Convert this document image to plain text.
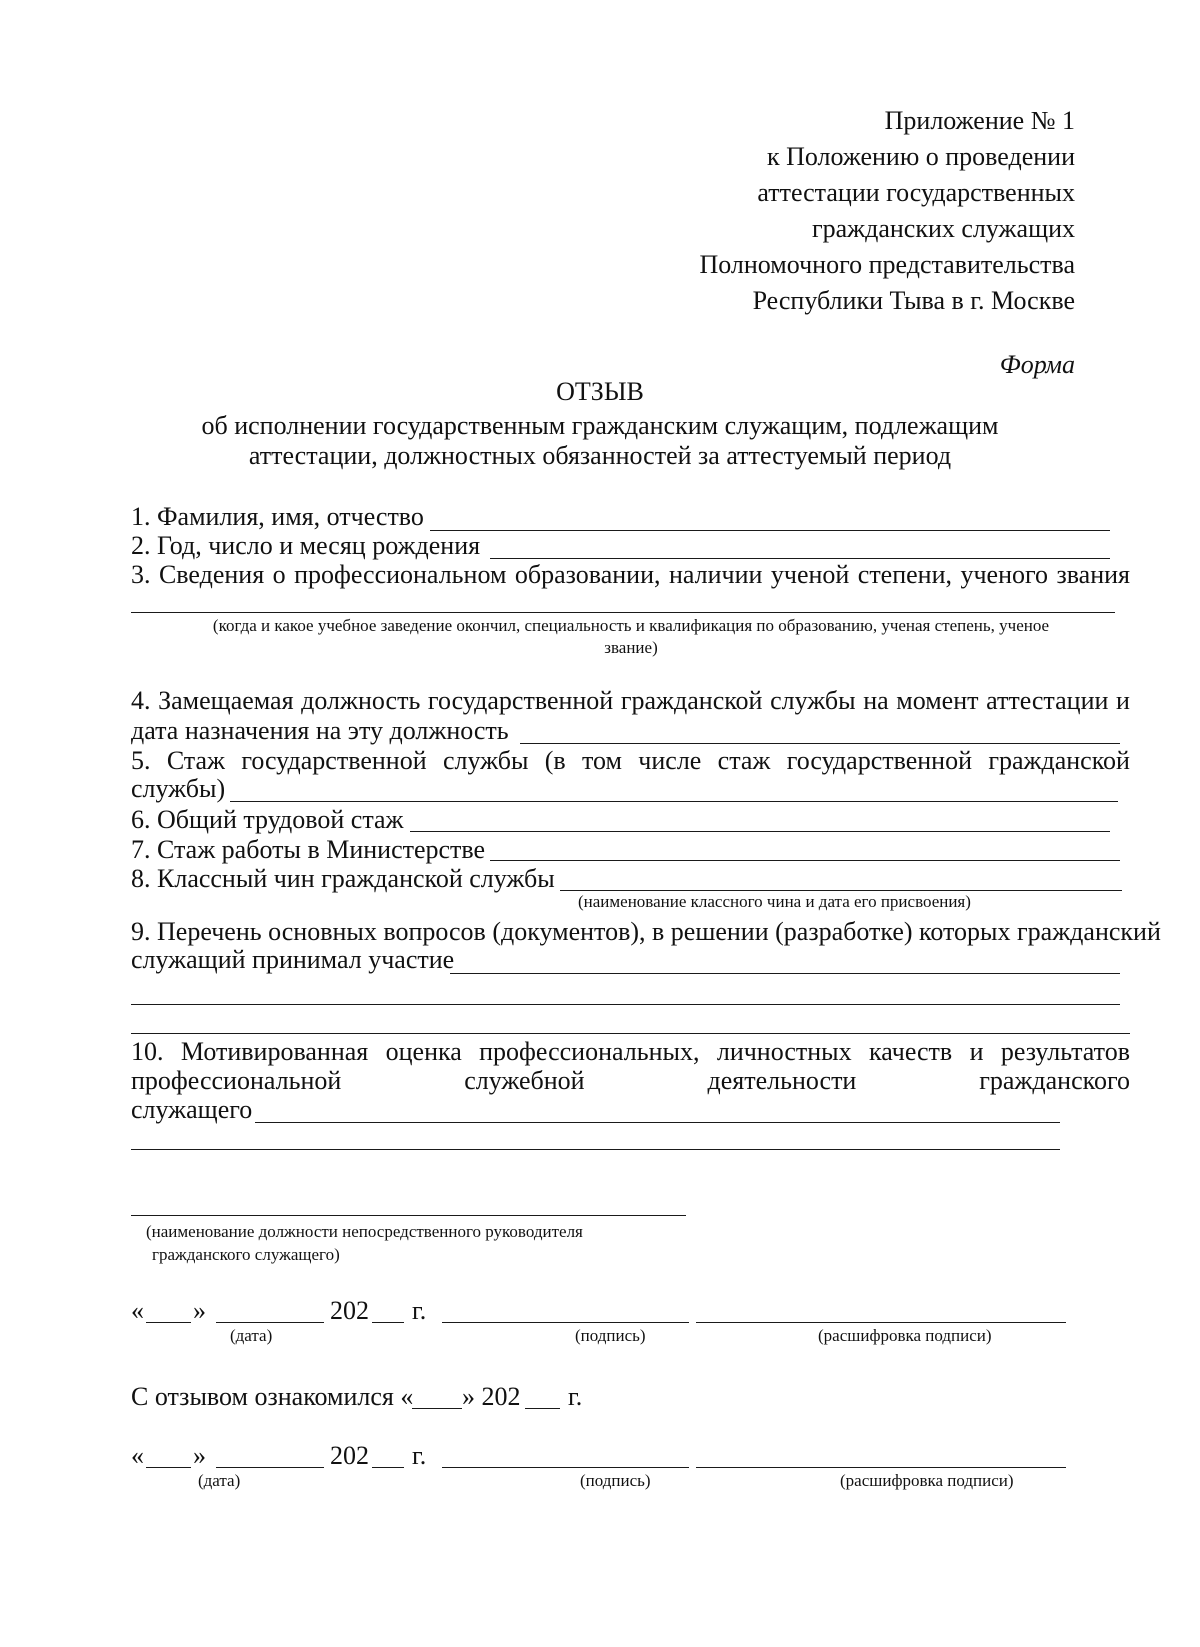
Приложение № 1
к Положению о проведении
аттестации государственных
гражданских служащих
Полномочного представительства
Республики Тыва в г. Москве
Форма
ОТЗЫВ
об исполнении государственным гражданским служащим, подлежащим
аттестации, должностных обязанностей за аттестуемый период
1. Фамилия, имя, отчество
2. Год, число и месяц рождения
3. Сведения о профессиональном образовании, наличии ученой степени, ученого звания
(когда и какое учебное заведение окончил, специальность и квалификация по образованию, ученая степень, ученое
звание)
4. Замещаемая должность государственной гражданской службы на момент аттестации и
дата назначения на эту должность
5. Стаж государственной службы (в том числе стаж государственной гражданской
службы)
6. Общий трудовой стаж
7. Стаж работы в Министерстве
8. Классный чин гражданской службы
(наименование классного чина и дата его присвоения)
9. Перечень основных вопросов (документов), в решении (разработке) которых гражданский
служащий принимал участие
10. Мотивированная оценка профессиональных, личностных качеств и результатов
профессиональной	служебной	деятельности	гражданского
служащего
(наименование должности непосредственного руководителя
гражданского служащего)
« »	202 г.
(дата)	(подпись)	(расшифровка подписи)
С отзывом ознакомился « » 202 г.
« »	202 г.
(дата)	(подпись)	(расшифровка подписи)
